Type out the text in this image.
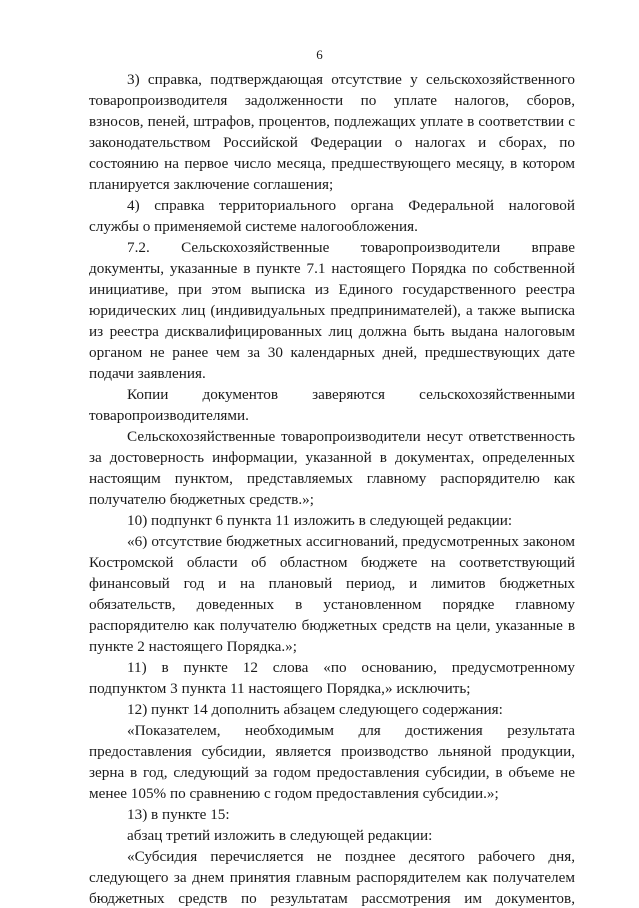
6
3) справка, подтверждающая отсутствие у сельскохозяйственного
товаропроизводителя задолженности по уплате налогов, сборов,
взносов, пеней, штрафов, процентов, подлежащих уплате в соответствии с
законодательством Российской Федерации о налогах и сборах, по
состоянию на первое число месяца, предшествующего месяцу, в котором
планируется заключение соглашения;
4) справка территориального органа Федеральной налоговой
службы о применяемой системе налогообложения.
7.2. Сельскохозяйственные товаропроизводители вправе
документы, указанные в пункте 7.1 настоящего Порядка по собственной
инициативе, при этом выписка из Единого государственного реестра
юридических лиц (индивидуальных предпринимателей), а также выписка
из реестра дисквалифицированных лиц должна быть выдана налоговым
органом не ранее чем за 30 календарных дней, предшествующих дате
подачи заявления.
Копии документов заверяются сельскохозяйственными
товаропроизводителями.
Сельскохозяйственные товаропроизводители несут ответственность
за достоверность информации, указанной в документах, определенных
настоящим пунктом, представляемых главному распорядителю как
получателю бюджетных средств.»;
10) подпункт 6 пункта 11 изложить в следующей редакции:
«6) отсутствие бюджетных ассигнований, предусмотренных законом
Костромской области об областном бюджете на соответствующий
финансовый год и на плановый период, и лимитов бюджетных
обязательств, доведенных в установленном порядке главному
распорядителю как получателю бюджетных средств на цели, указанные в
пункте 2 настоящего Порядка.»;
11) в пункте 12 слова «по основанию, предусмотренному
подпунктом 3 пункта 11 настоящего Порядка,» исключить;
12) пункт 14 дополнить абзацем следующего содержания:
«Показателем, необходимым для достижения результата
предоставления субсидии, является производство льняной продукции,
зерна в год, следующий за годом предоставления субсидии, в объеме не
менее 105% по сравнению с годом предоставления субсидии.»;
13) в пункте 15:
абзац третий изложить в следующей редакции:
«Субсидия перечисляется не позднее десятого рабочего дня,
следующего за днем принятия главным распорядителем как получателем
бюджетных средств по результатам рассмотрения им документов,
